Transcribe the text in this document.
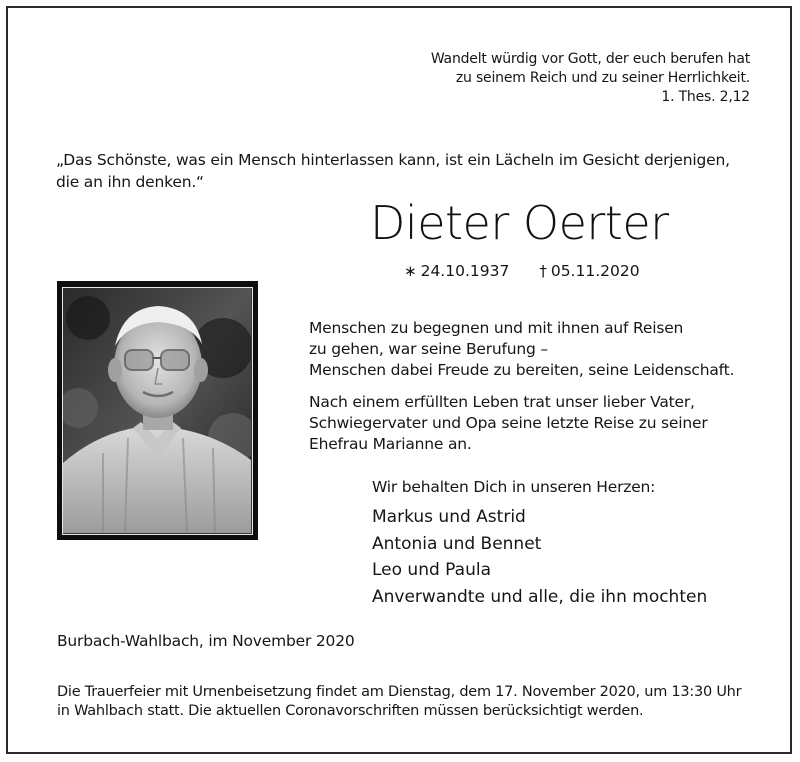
Wandelt würdig vor Gott, der euch berufen hat
zu seinem Reich und zu seiner Herrlichkeit.
1. Thes. 2,12
„Das Schönste, was ein Mensch hinterlassen kann, ist ein Lächeln im Gesicht derjenigen,
die an ihn denken.“
Dieter Oerter
∗ 24.10.1937 † 05.11.2020
Menschen zu begegnen und mit ihnen auf Reisen
zu gehen, war seine Berufung –
Menschen dabei Freude zu bereiten, seine Leidenschaft.
Nach einem erfüllten Leben trat unser lieber Vater,
Schwiegervater und Opa seine letzte Reise zu seiner
Ehefrau Marianne an.
Wir behalten Dich in unseren Herzen:
Markus und Astrid
Antonia und Bennet
Leo und Paula
Anverwandte und alle, die ihn mochten
Burbach-Wahlbach, im November 2020
Die Trauerfeier mit Urnenbeisetzung findet am Dienstag, dem 17. November 2020, um 13:30 Uhr
in Wahlbach statt. Die aktuellen Coronavorschriften müssen berücksichtigt werden.
